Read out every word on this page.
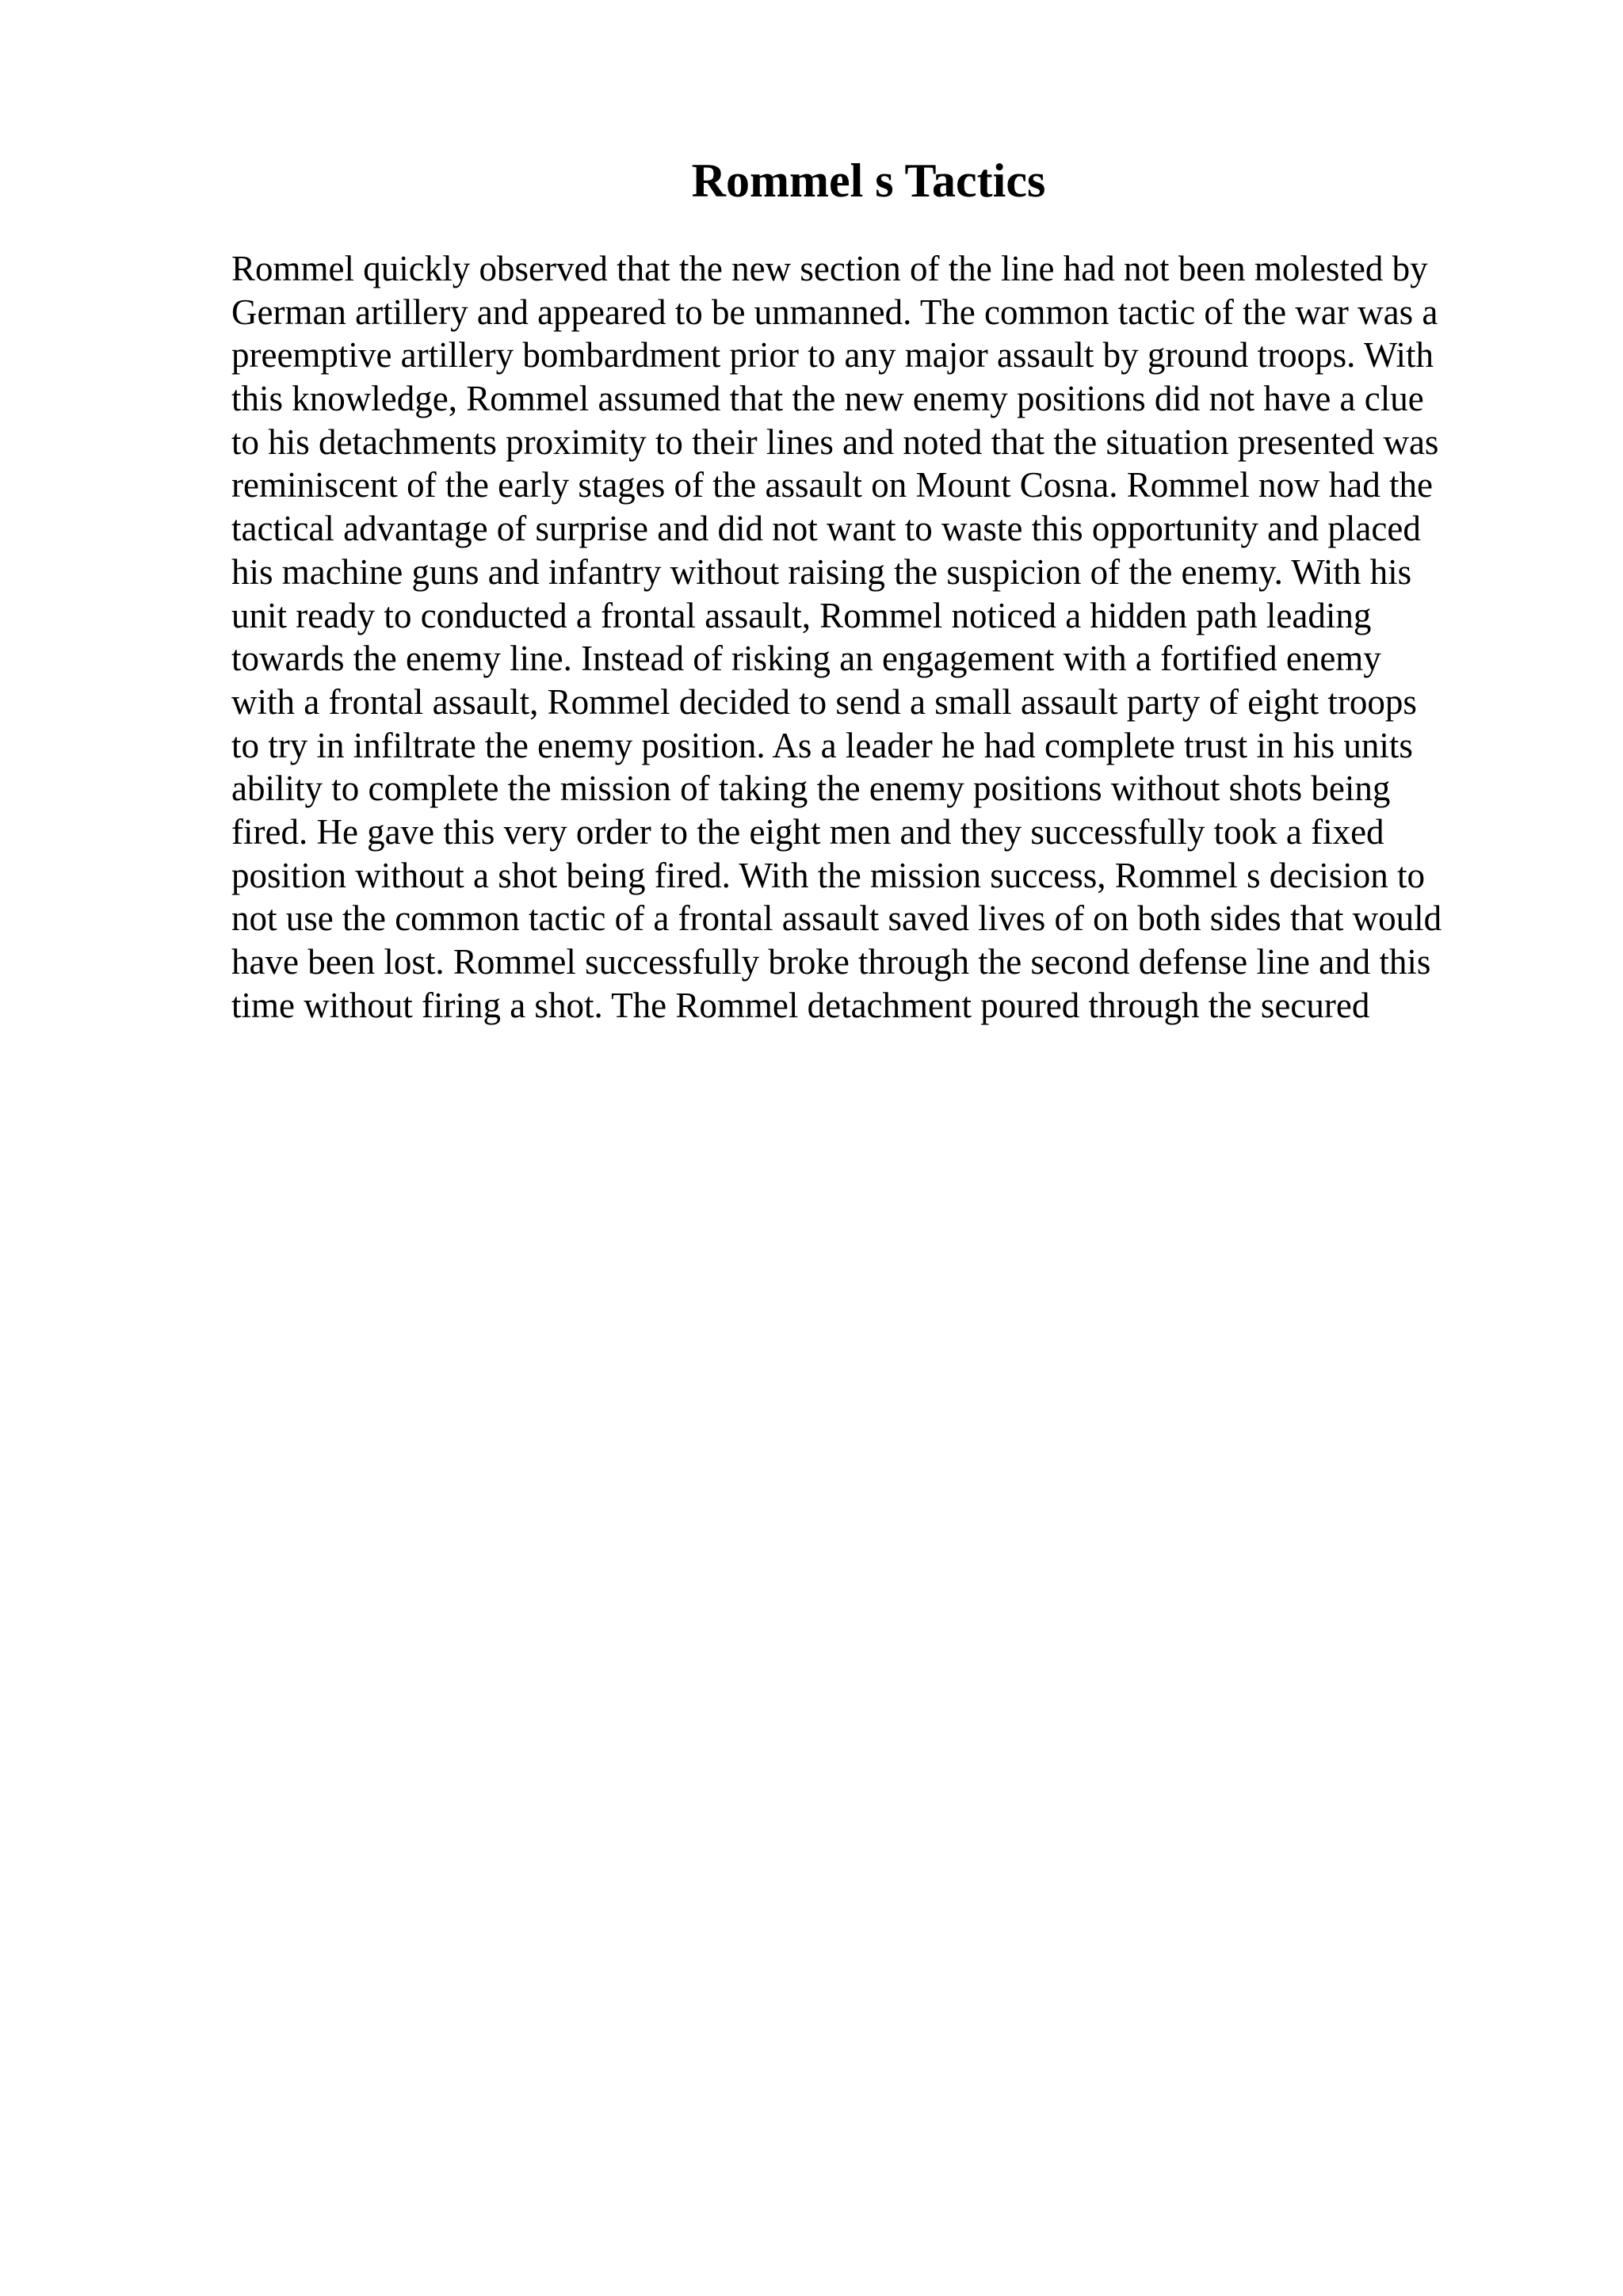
Rommel s Tactics
Rommel quickly observed that the new section of the line had not been molested by
German artillery and appeared to be unmanned. The common tactic of the war was a
preemptive artillery bombardment prior to any major assault by ground troops. With
this knowledge, Rommel assumed that the new enemy positions did not have a clue
to his detachments proximity to their lines and noted that the situation presented was
reminiscent of the early stages of the assault on Mount Cosna. Rommel now had the
tactical advantage of surprise and did not want to waste this opportunity and placed
his machine guns and infantry without raising the suspicion of the enemy. With his
unit ready to conducted a frontal assault, Rommel noticed a hidden path leading
towards the enemy line. Instead of risking an engagement with a fortified enemy
with a frontal assault, Rommel decided to send a small assault party of eight troops
to try in infiltrate the enemy position. As a leader he had complete trust in his units
ability to complete the mission of taking the enemy positions without shots being
fired. He gave this very order to the eight men and they successfully took a fixed
position without a shot being fired. With the mission success, Rommel s decision to
not use the common tactic of a frontal assault saved lives of on both sides that would
have been lost. Rommel successfully broke through the second defense line and this
time without firing a shot. The Rommel detachment poured through the secured
